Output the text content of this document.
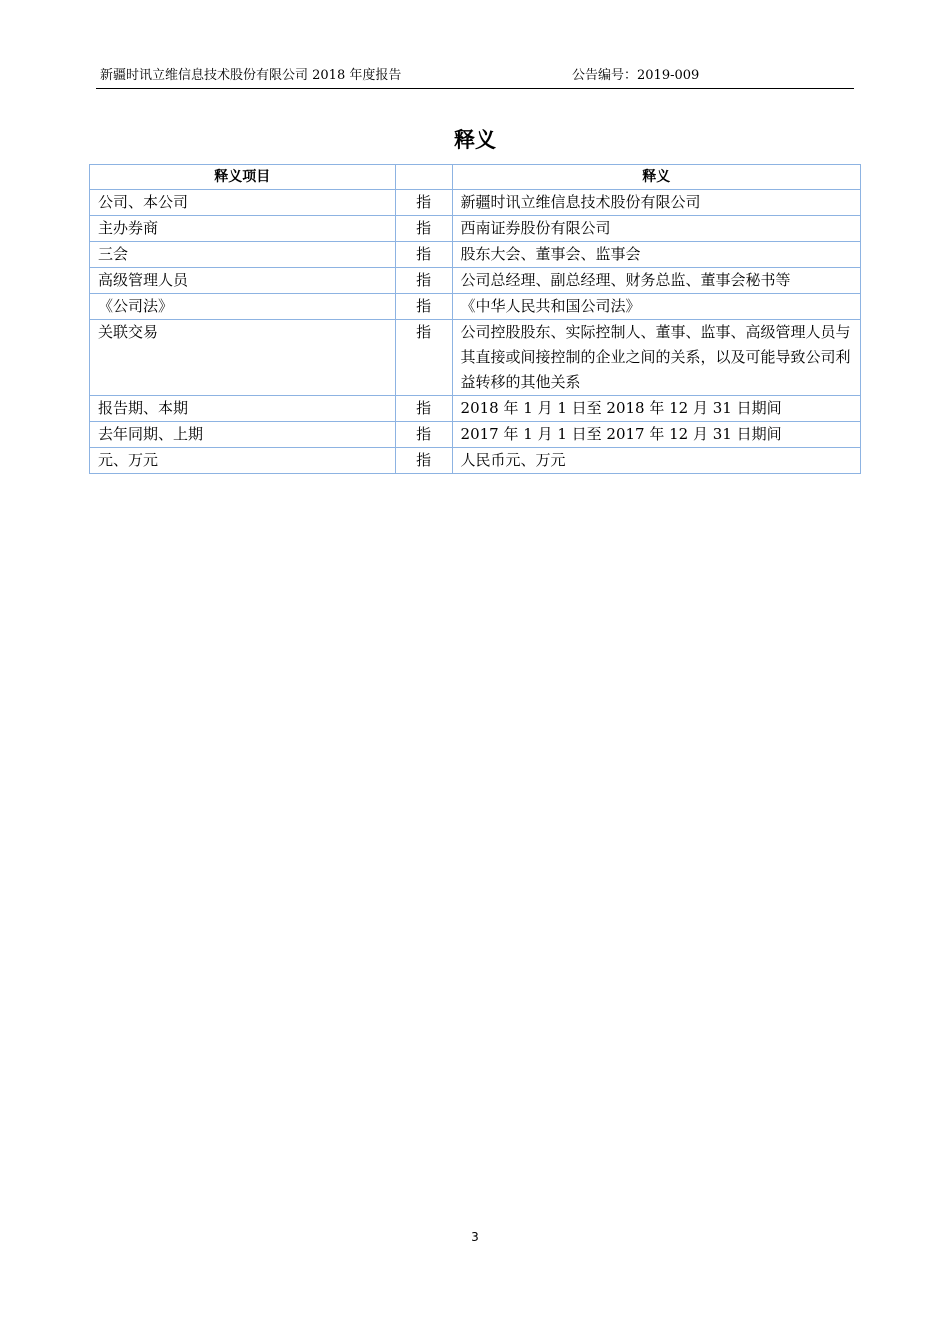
新疆时讯立维信息技术股份有限公司 2018 年度报告	公告编号：2019-009
释义
释义项目		释义
公司、本公司	指	新疆时讯立维信息技术股份有限公司
主办券商	指	西南证券股份有限公司
三会	指	股东大会、董事会、监事会
高级管理人员	指	公司总经理、副总经理、财务总监、董事会秘书等
《公司法》	指	《中华人民共和国公司法》
关联交易	指	公司控股股东、实际控制人、董事、监事、高级管理人员与其直接或间接控制的企业之间的关系，以及可能导致公司利益转移的其他关系
报告期、本期	指	2018 年 1 月 1 日至 2018 年 12 月 31 日期间
去年同期、上期	指	2017 年 1 月 1 日至 2017 年 12 月 31 日期间
元、万元	指	人民币元、万元
3
